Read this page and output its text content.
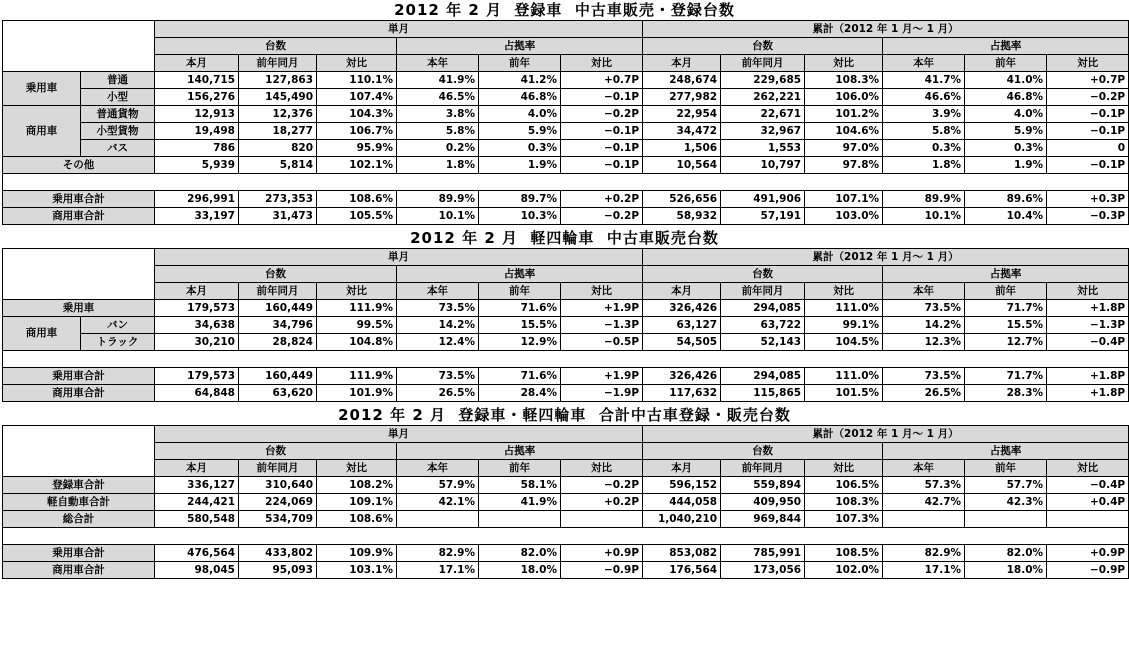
2012 年 2 月  登録車  中古車販売・登録台数
		単月						累計（2012 年 1 月～ 1 月）					
		台数			占拠率			台数			占拠率		
		本月	前年同月	対比	本年	前年	対比	本月	前年同月	対比	本年	前年	対比
乗用車	普通	140,715	127,863	110.1%	41.9%	41.2%	+0.7P	248,674	229,685	108.3%	41.7%	41.0%	+0.7P
	小型	156,276	145,490	107.4%	46.5%	46.8%	−0.1P	277,982	262,221	106.0%	46.6%	46.8%	−0.2P
商用車	普通貨物	12,913	12,376	104.3%	3.8%	4.0%	−0.2P	22,954	22,671	101.2%	3.9%	4.0%	−0.1P
	小型貨物	19,498	18,277	106.7%	5.8%	5.9%	−0.1P	34,472	32,967	104.6%	5.8%	5.9%	−0.1P
	バス	786	820	95.9%	0.2%	0.3%	−0.1P	1,506	1,553	97.0%	0.3%	0.3%	0
その他		5,939	5,814	102.1%	1.8%	1.9%	−0.1P	10,564	10,797	97.8%	1.8%	1.9%	−0.1P

乗用車合計		296,991	273,353	108.6%	89.9%	89.7%	+0.2P	526,656	491,906	107.1%	89.9%	89.6%	+0.3P
商用車合計		33,197	31,473	105.5%	10.1%	10.3%	−0.2P	58,932	57,191	103.0%	10.1%	10.4%	−0.3P
2012 年 2 月  軽四輪車  中古車販売台数
		単月						累計（2012 年 1 月～ 1 月）					
		台数			占拠率			台数			占拠率		
		本月	前年同月	対比	本年	前年	対比	本月	前年同月	対比	本年	前年	対比
乗用車		179,573	160,449	111.9%	73.5%	71.6%	+1.9P	326,426	294,085	111.0%	73.5%	71.7%	+1.8P
商用車	バン	34,638	34,796	99.5%	14.2%	15.5%	−1.3P	63,127	63,722	99.1%	14.2%	15.5%	−1.3P
	トラック	30,210	28,824	104.8%	12.4%	12.9%	−0.5P	54,505	52,143	104.5%	12.3%	12.7%	−0.4P

乗用車合計		179,573	160,449	111.9%	73.5%	71.6%	+1.9P	326,426	294,085	111.0%	73.5%	71.7%	+1.8P
商用車合計		64,848	63,620	101.9%	26.5%	28.4%	−1.9P	117,632	115,865	101.5%	26.5%	28.3%	+1.8P
2012 年 2 月  登録車・軽四輪車  合計中古車登録・販売台数
	単月						累計（2012 年 1 月～ 1 月）					
	台数			占拠率			台数			占拠率		
	本月	前年同月	対比	本年	前年	対比	本月	前年同月	対比	本年	前年	対比
登録車合計	336,127	310,640	108.2%	57.9%	58.1%	−0.2P	596,152	559,894	106.5%	57.3%	57.7%	−0.4P
軽自動車合計	244,421	224,069	109.1%	42.1%	41.9%	+0.2P	444,058	409,950	108.3%	42.7%	42.3%	+0.4P
総合計	580,548	534,709	108.6%				1,040,210	969,844	107.3%			

乗用車合計	476,564	433,802	109.9%	82.9%	82.0%	+0.9P	853,082	785,991	108.5%	82.9%	82.0%	+0.9P
商用車合計	98,045	95,093	103.1%	17.1%	18.0%	−0.9P	176,564	173,056	102.0%	17.1%	18.0%	−0.9P
